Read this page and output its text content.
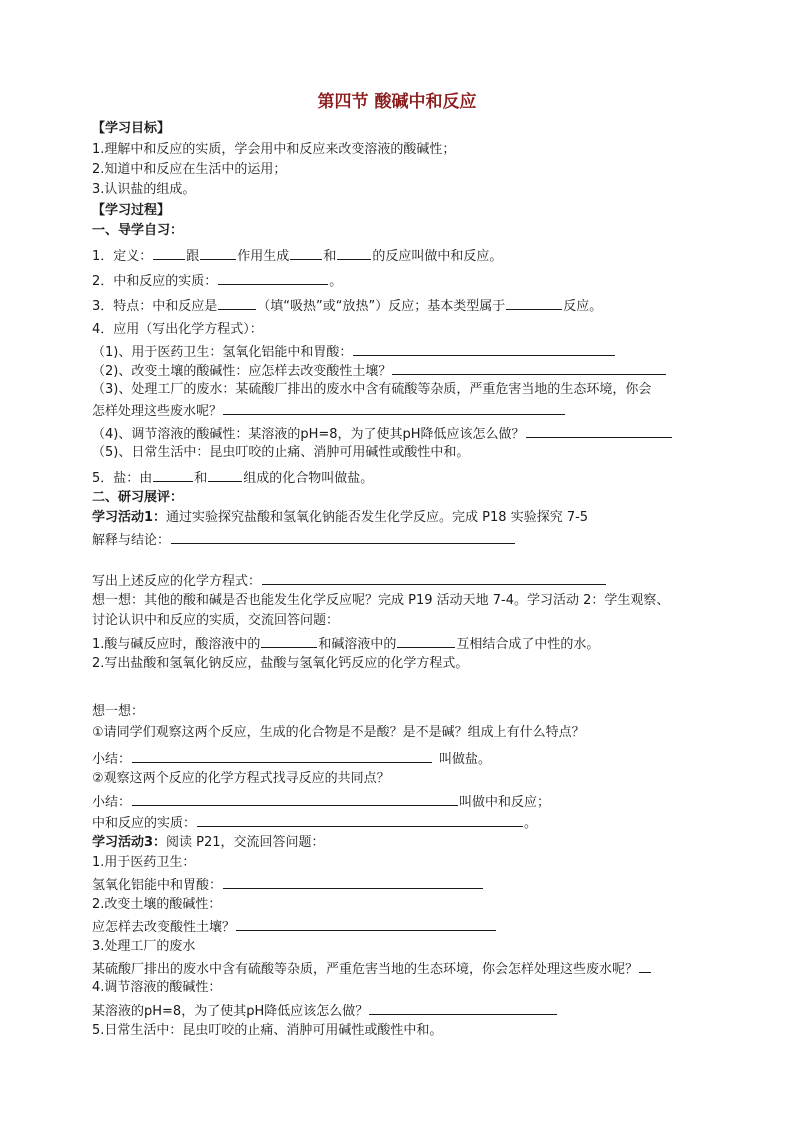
第四节 酸碱中和反应
【学习目标】
1.理解中和反应的实质，学会用中和反应来改变溶液的酸碱性；
2.知道中和反应在生活中的运用；
3.认识盐的组成。
【学习过程】
一、导学自习：
1．定义：	跟	作用生成	和	的反应叫做中和反应。
2．中和反应的实质：	。
3．特点：中和反应是	（填“吸热”或“放热”）反应；基本类型属于	反应。
4．应用（写出化学方程式）：
（1)、用于医药卫生：氢氧化铝能中和胃酸：
（2)、改变土壤的酸碱性：应怎样去改变酸性土壤？
（3)、处理工厂的废水：某硫酸厂排出的废水中含有硫酸等杂质，严重危害当地的生态环境，你会
怎样处理这些废水呢？
（4)、调节溶液的酸碱性：某溶液的pH=8，为了使其pH降低应该怎么做？
（5)、日常生活中：昆虫叮咬的止痛、消肿可用碱性或酸性中和。
5．盐：由	和	组成的化合物叫做盐。
二、研习展评：
学习活动1：通过实验探究盐酸和氢氧化钠能否发生化学反应。完成 P18 实验探究 7-5
解释与结论：
写出上述反应的化学方程式：
想一想：其他的酸和碱是否也能发生化学反应呢？完成 P19 活动天地 7-4。学习活动 2：学生观察、
讨论认识中和反应的实质，交流回答问题：
1.酸与碱反应时，酸溶液中的	和碱溶液中的	互相结合成了中性的水。
2.写出盐酸和氢氧化钠反应，盐酸与氢氧化钙反应的化学方程式。
想一想：
①请同学们观察这两个反应，生成的化合物是不是酸？是不是碱？组成上有什么特点？
小结：	叫做盐。
②观察这两个反应的化学方程式找寻反应的共同点？
小结：	叫做中和反应；
中和反应的实质：	。
学习活动3：阅读 P21，交流回答问题：
1.用于医药卫生：
氢氧化铝能中和胃酸：
2.改变土壤的酸碱性：
应怎样去改变酸性土壤？
3.处理工厂的废水
某硫酸厂排出的废水中含有硫酸等杂质，严重危害当地的生态环境，你会怎样处理这些废水呢？
4.调节溶液的酸碱性：
某溶液的pH=8，为了使其pH降低应该怎么做？
5.日常生活中：昆虫叮咬的止痛、消肿可用碱性或酸性中和。
